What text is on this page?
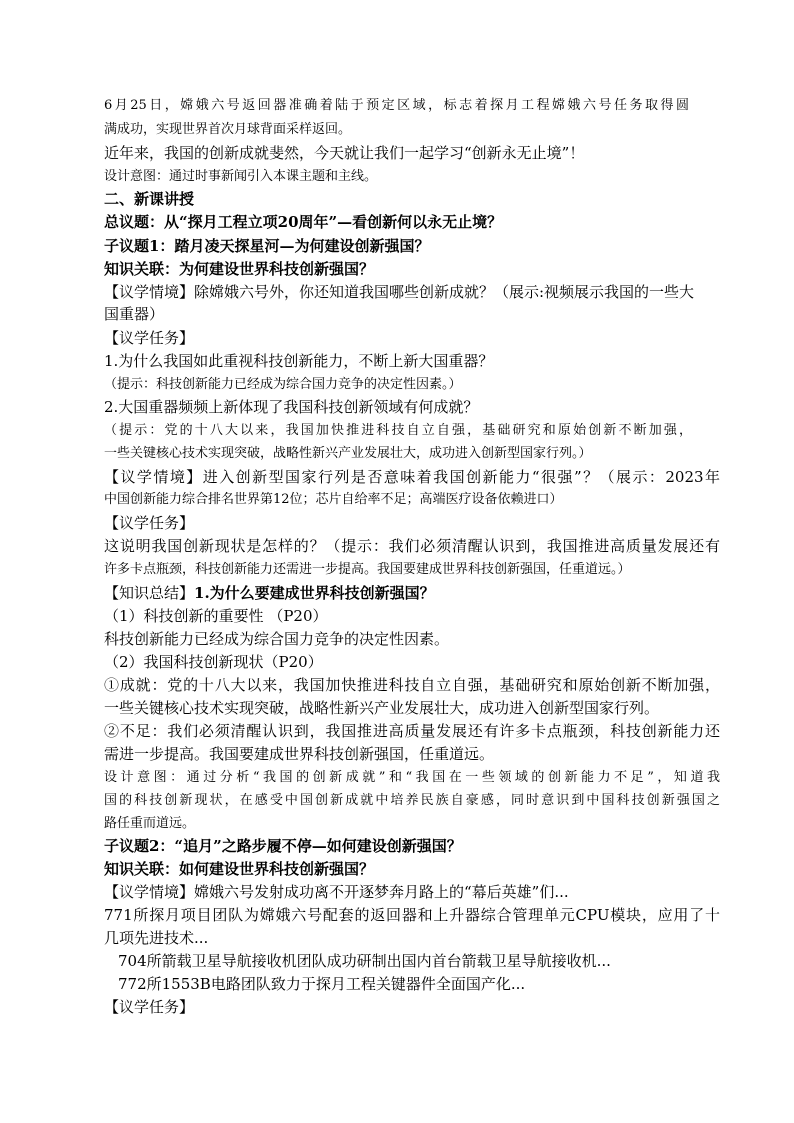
6月25日，嫦娥六号返回器准确着陆于预定区域，标志着探月工程嫦娥六号任务取得圆
满成功，实现世界首次月球背面采样返回。
近年来，我国的创新成就斐然，今天就让我们一起学习“创新永无止境”！
设计意图：通过时事新闻引入本课主题和主线。
二、新课讲授
总议题：从“探月工程立项20周年”—看创新何以永无止境？
子议题1：踏月凌天探星河—为何建设创新强国？
知识关联：为何建设世界科技创新强国？
【议学情境】除嫦娥六号外，你还知道我国哪些创新成就？（展示:视频展示我国的一些大
国重器）
【议学任务】
1.为什么我国如此重视科技创新能力，不断上新大国重器？
（提示：科技创新能力已经成为综合国力竞争的决定性因素。）
2.大国重器频频上新体现了我国科技创新领域有何成就？
（提示：党的十八大以来，我国加快推进科技自立自强，基础研究和原始创新不断加强，
一些关键核心技术实现突破，战略性新兴产业发展壮大，成功进入创新型国家行列。）
【议学情境】进入创新型国家行列是否意味着我国创新能力“很强”？（展示：2023年
中国创新能力综合排名世界第12位；芯片自给率不足；高端医疗设备依赖进口）
【议学任务】
这说明我国创新现状是怎样的？（提示：我们必须清醒认识到，我国推进高质量发展还有
许多卡点瓶颈，科技创新能力还需进一步提高。我国要建成世界科技创新强国，任重道远。）
【知识总结】1.为什么要建成世界科技创新强国？
（1）科技创新的重要性 （P20）
科技创新能力已经成为综合国力竞争的决定性因素。
（2）我国科技创新现状（P20）
①成就：党的十八大以来，我国加快推进科技自立自强，基础研究和原始创新不断加强，
一些关键核心技术实现突破，战略性新兴产业发展壮大，成功进入创新型国家行列。
②不足：我们必须清醒认识到，我国推进高质量发展还有许多卡点瓶颈，科技创新能力还
需进一步提高。我国要建成世界科技创新强国，任重道远。
设计意图：通过分析“我国的创新成就”和“我国在一些领域的创新能力不足”，知道我
国的科技创新现状，在感受中国创新成就中培养民族自豪感，同时意识到中国科技创新强国之
路任重而道远。
子议题2：“追月”之路步履不停—如何建设创新强国？
知识关联：如何建设世界科技创新强国？
【议学情境】嫦娥六号发射成功离不开逐梦奔月路上的“幕后英雄”们...
771所探月项目团队为嫦娥六号配套的返回器和上升器综合管理单元CPU模块，应用了十
几项先进技术...
704所箭载卫星导航接收机团队成功研制出国内首台箭载卫星导航接收机...
772所1553B电路团队致力于探月工程关键器件全面国产化...
【议学任务】
